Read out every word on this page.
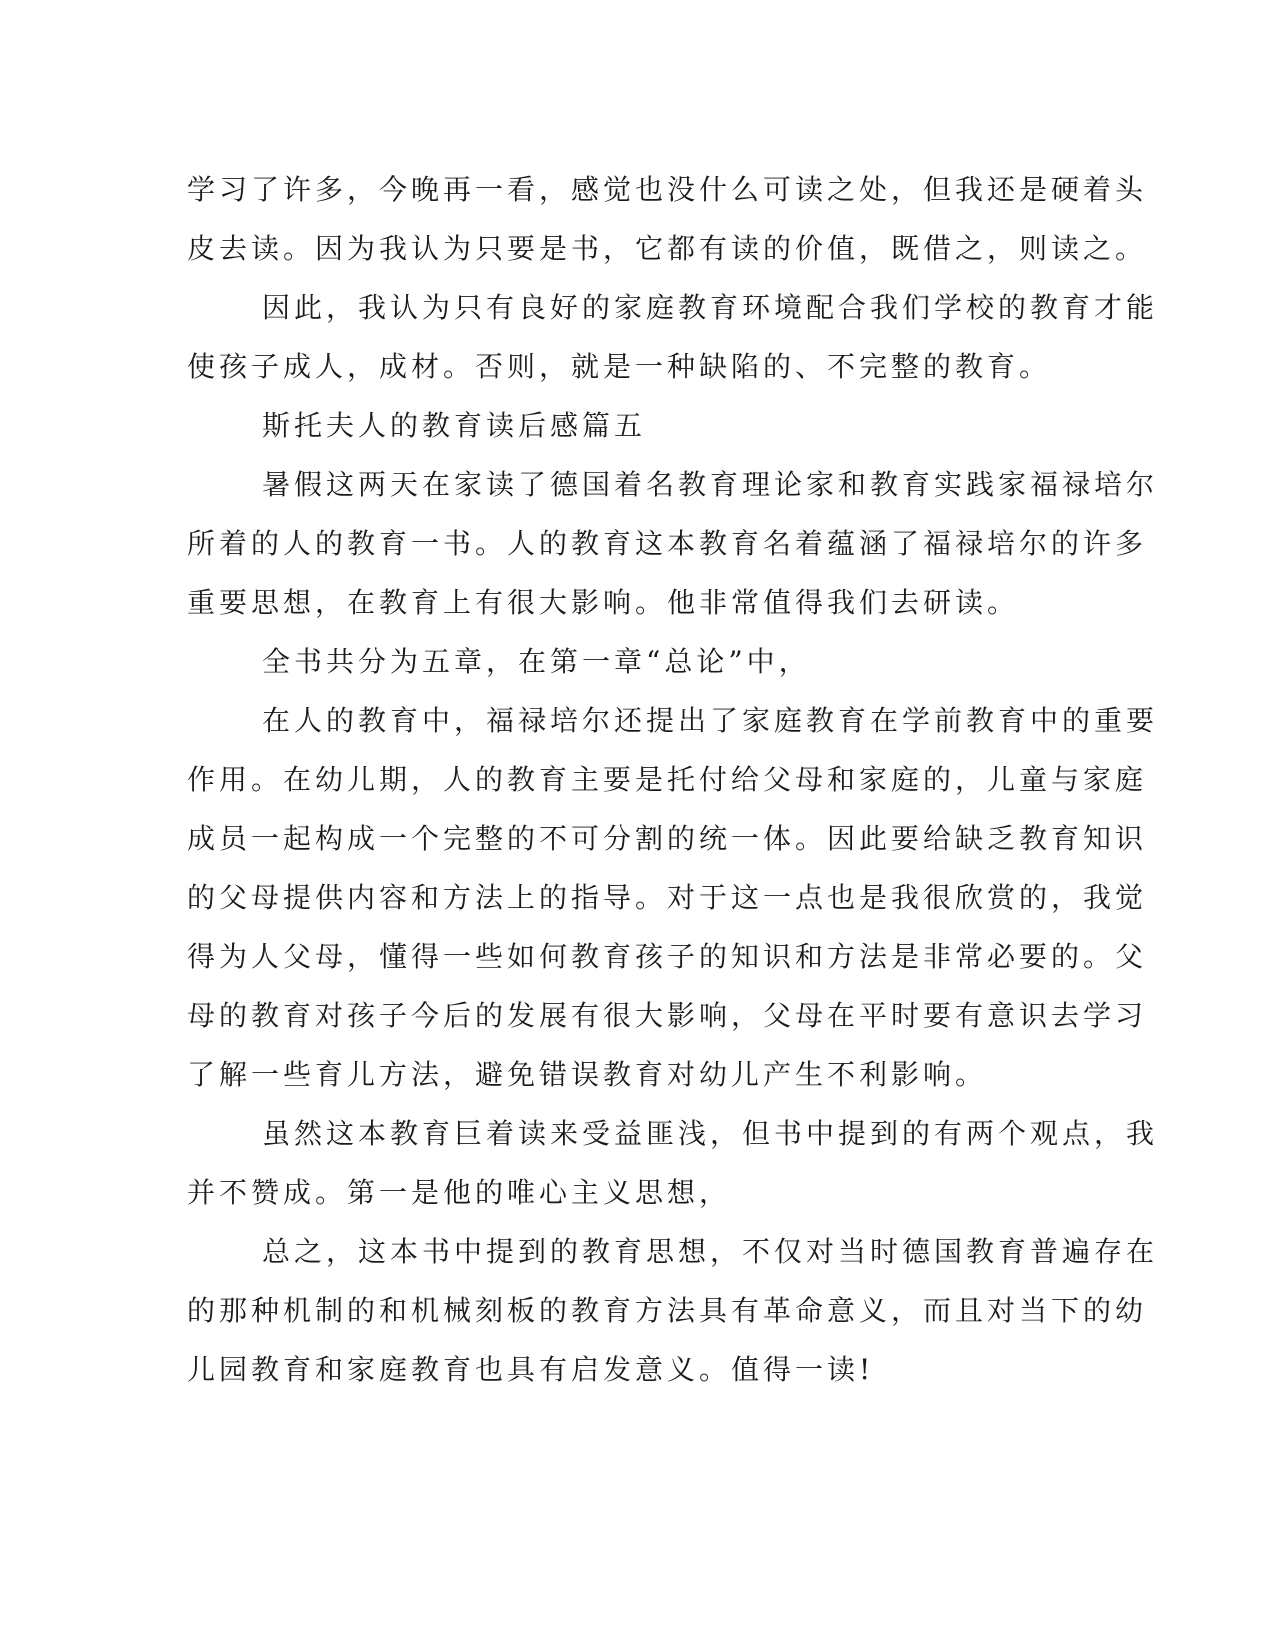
学习了许多，今晚再一看，感觉也没什么可读之处，但我还是硬着头
皮去读。因为我认为只要是书，它都有读的价值，既借之，则读之。

因此，我认为只有良好的家庭教育环境配合我们学校的教育才能
使孩子成人，成材。否则，就是一种缺陷的、不完整的教育。

斯托夫人的教育读后感篇五

暑假这两天在家读了德国着名教育理论家和教育实践家福禄培尔
所着的人的教育一书。人的教育这本教育名着蕴涵了福禄培尔的许多
重要思想，在教育上有很大影响。他非常值得我们去研读。

全书共分为五章，在第一章“总论”中，

在人的教育中，福禄培尔还提出了家庭教育在学前教育中的重要
作用。在幼儿期，人的教育主要是托付给父母和家庭的，儿童与家庭
成员一起构成一个完整的不可分割的统一体。因此要给缺乏教育知识
的父母提供内容和方法上的指导。对于这一点也是我很欣赏的，我觉
得为人父母，懂得一些如何教育孩子的知识和方法是非常必要的。父
母的教育对孩子今后的发展有很大影响，父母在平时要有意识去学习
了解一些育儿方法，避免错误教育对幼儿产生不利影响。

虽然这本教育巨着读来受益匪浅，但书中提到的有两个观点，我
并不赞成。第一是他的唯心主义思想，

总之，这本书中提到的教育思想，不仅对当时德国教育普遍存在
的那种机制的和机械刻板的教育方法具有革命意义，而且对当下的幼
儿园教育和家庭教育也具有启发意义。值得一读!
